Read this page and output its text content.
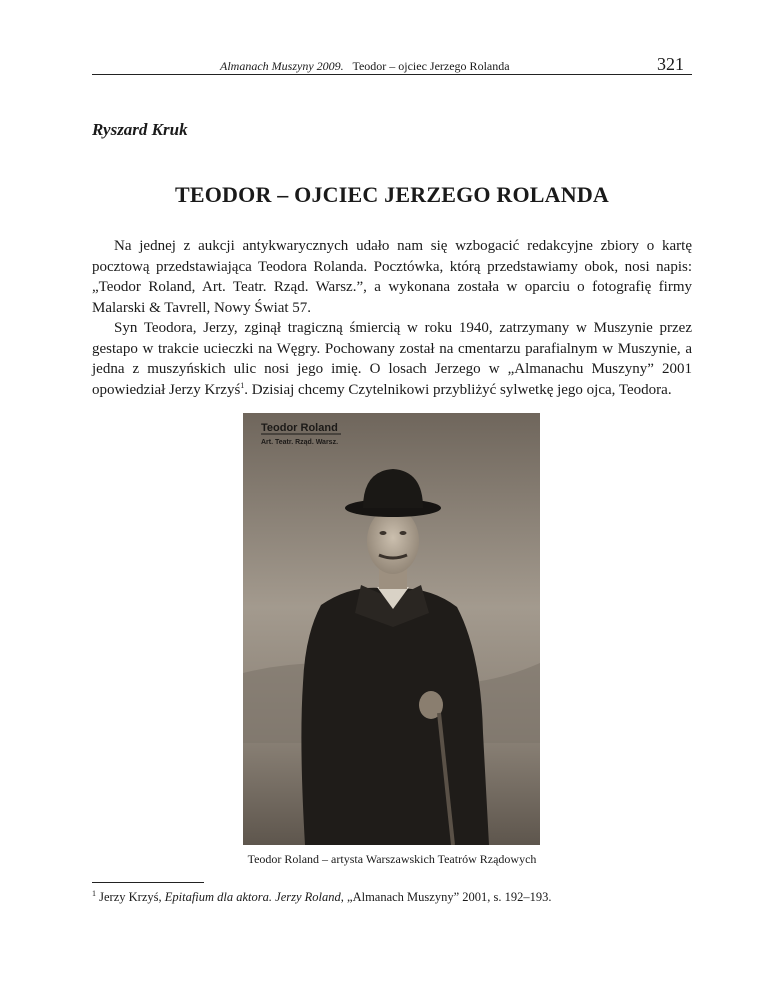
Almanach Muszyny 2009. Teodor – ojciec Jerzego Rolanda	321
Ryszard Kruk
TEODOR – OJCIEC JERZEGO ROLANDA

Na jednej z aukcji antykwarycznych udało nam się wzbogacić redakcyjne zbiory o kartę pocztową przedstawiająca Teodora Rolanda. Pocztówka, którą przedstawiamy obok, nosi napis: „Teodor Roland, Art. Teatr. Rząd. Warsz.”, a wykonana została w oparciu o fotografię firmy Malarski & Tavrell, Nowy Świat 57.

Syn Teodora, Jerzy, zginął tragiczną śmiercią w roku 1940, zatrzymany w Muszynie przez gestapo w trakcie ucieczki na Węgry. Pochowany został na cmentarzu parafialnym w Muszynie, a jedna z muszyńskich ulic nosi jego imię. O losach Jerzego w „Almanachu Muszyny” 2001 opowiedział Jerzy Krzyś$^1$. Dzisiaj chcemy Czytelnikowi przybliżyć sylwetkę jego ojca, Teodora.

Teodor Roland
Art. Teatr. Rząd. Warsz.
Teodor Roland – artysta Warszawskich Teatrów Rządowych
$^1$ Jerzy Krzyś, Epitafium dla aktora. Jerzy Roland, „Almanach Muszyny” 2001, s. 192–193.
